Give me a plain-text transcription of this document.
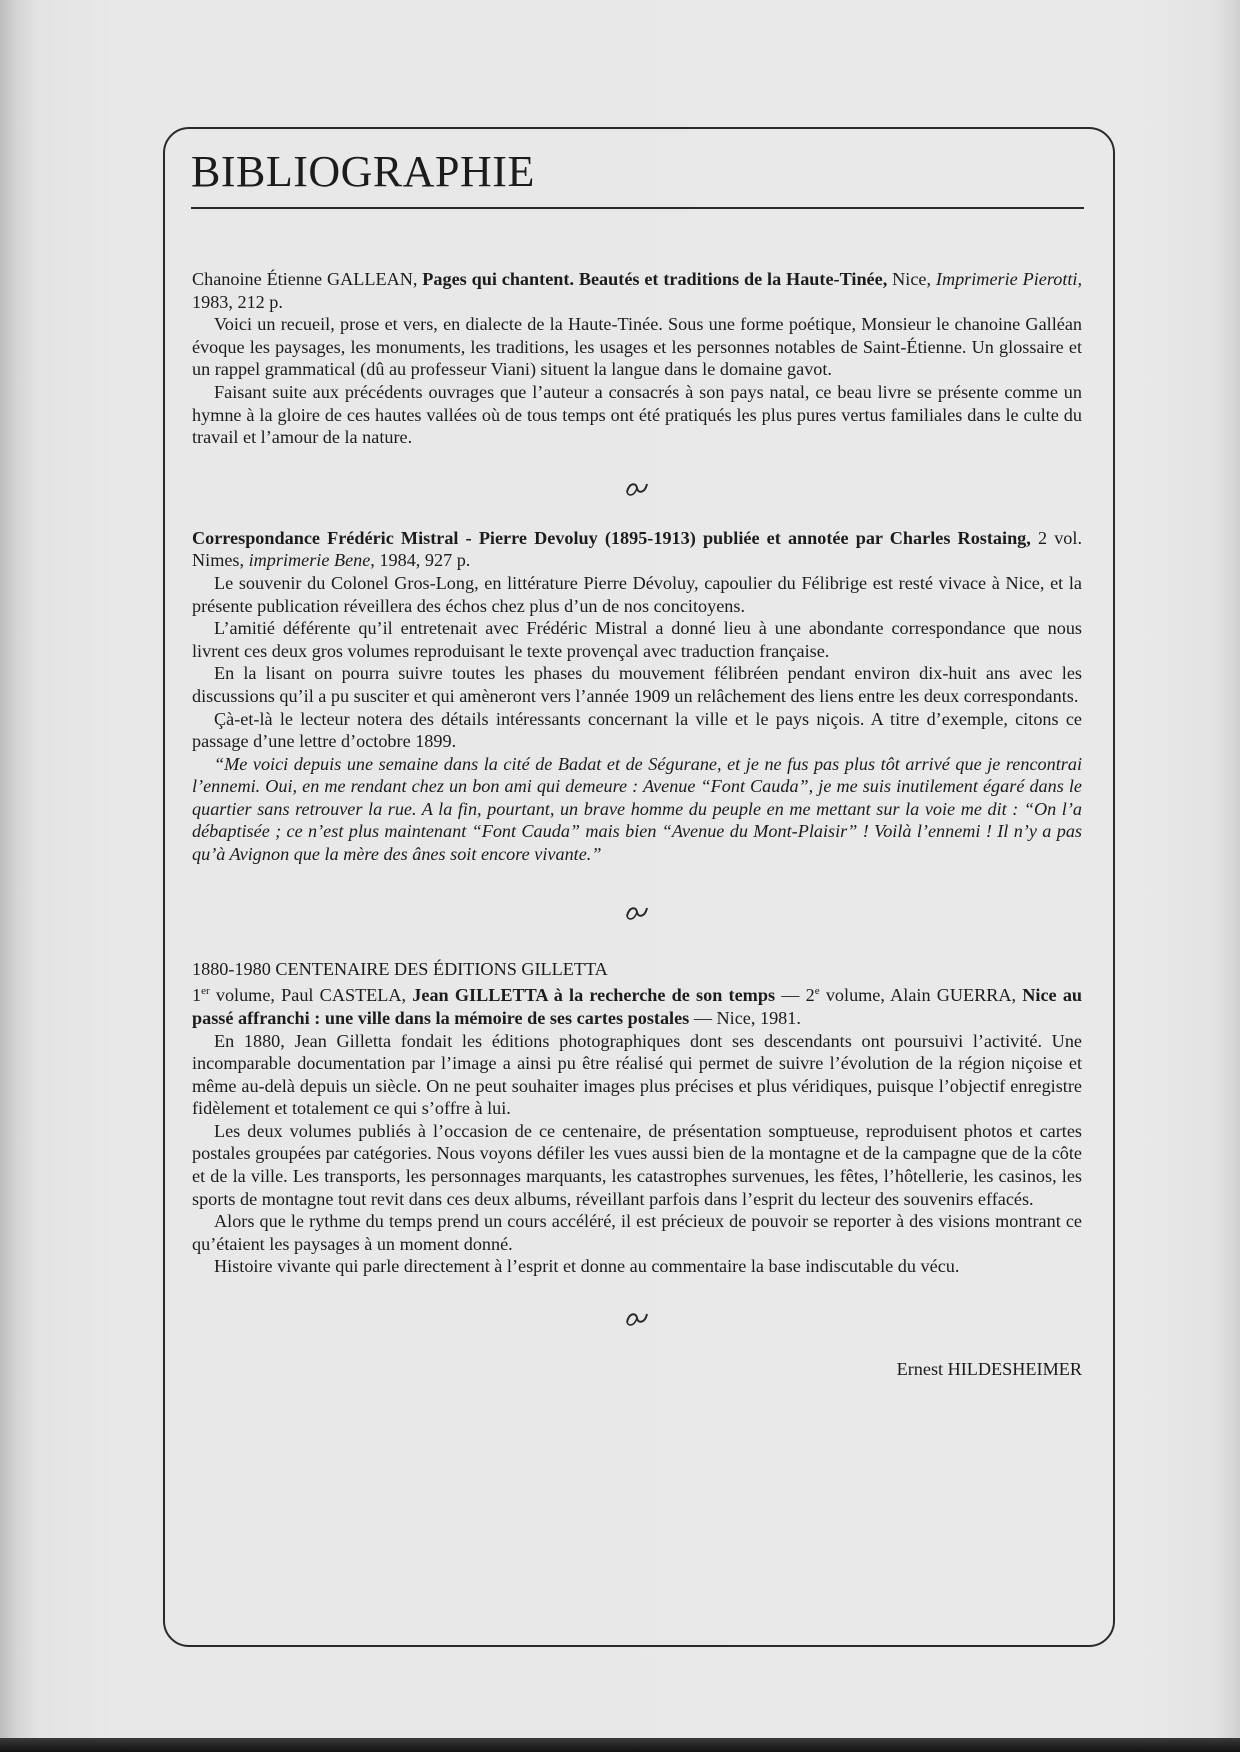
BIBLIOGRAPHIE

Chanoine Étienne GALLEAN, Pages qui chantent. Beautés et traditions de la Haute-Tinée, Nice, Imprimerie Pierotti, 1983, 212 p.

Voici un recueil, prose et vers, en dialecte de la Haute-Tinée. Sous une forme poétique, Monsieur le chanoine Galléan évoque les paysages, les monuments, les traditions, les usages et les personnes notables de Saint-Étienne. Un glossaire et un rappel grammatical (dû au professeur Viani) situent la langue dans le domaine gavot.

Faisant suite aux précédents ouvrages que l’auteur a consacrés à son pays natal, ce beau livre se présente comme un hymne à la gloire de ces hautes vallées où de tous temps ont été pratiqués les plus pures vertus familiales dans le culte du travail et l’amour de la nature.

Correspondance Frédéric Mistral - Pierre Devoluy (1895-1913) publiée et annotée par Charles Rostaing, 2 vol. Nimes, imprimerie Bene, 1984, 927 p.

Le souvenir du Colonel Gros-Long, en littérature Pierre Dévoluy, capoulier du Félibrige est resté vivace à Nice, et la présente publication réveillera des échos chez plus d’un de nos concitoyens.

L’amitié déférente qu’il entretenait avec Frédéric Mistral a donné lieu à une abondante correspondance que nous livrent ces deux gros volumes reproduisant le texte provençal avec traduction française.

En la lisant on pourra suivre toutes les phases du mouvement félibréen pendant environ dix-huit ans avec les discussions qu’il a pu susciter et qui amèneront vers l’année 1909 un relâchement des liens entre les deux correspondants.

Çà-et-là le lecteur notera des détails intéressants concernant la ville et le pays niçois. A titre d’exemple, citons ce passage d’une lettre d’octobre 1899.

“Me voici depuis une semaine dans la cité de Badat et de Ségurane, et je ne fus pas plus tôt arrivé que je rencontrai l’ennemi. Oui, en me rendant chez un bon ami qui demeure : Avenue “Font Cauda”, je me suis inutilement égaré dans le quartier sans retrouver la rue. A la fin, pourtant, un brave homme du peuple en me mettant sur la voie me dit : “On l’a débaptisée ; ce n’est plus maintenant “Font Cauda” mais bien “Avenue du Mont-Plaisir” ! Voilà l’ennemi ! Il n’y a pas qu’à Avignon que la mère des ânes soit encore vivante.”

1880-1980 CENTENAIRE DES ÉDITIONS GILLETTA

1er volume, Paul CASTELA, Jean GILLETTA à la recherche de son temps — 2e volume, Alain GUERRA, Nice au passé affranchi : une ville dans la mémoire de ses cartes postales — Nice, 1981.

En 1880, Jean Gilletta fondait les éditions photographiques dont ses descendants ont poursuivi l’activité. Une incomparable documentation par l’image a ainsi pu être réalisé qui permet de suivre l’évolution de la région niçoise et même au-delà depuis un siècle. On ne peut souhaiter images plus précises et plus véridiques, puisque l’objectif enregistre fidèlement et totalement ce qui s’offre à lui.

Les deux volumes publiés à l’occasion de ce centenaire, de présentation somptueuse, reproduisent photos et cartes postales groupées par catégories. Nous voyons défiler les vues aussi bien de la montagne et de la campagne que de la côte et de la ville. Les transports, les personnages marquants, les catastrophes survenues, les fêtes, l’hôtellerie, les casinos, les sports de montagne tout revit dans ces deux albums, réveillant parfois dans l’esprit du lecteur des souvenirs effacés.

Alors que le rythme du temps prend un cours accéléré, il est précieux de pouvoir se reporter à des visions montrant ce qu’étaient les paysages à un moment donné.

Histoire vivante qui parle directement à l’esprit et donne au commentaire la base indiscutable du vécu.

Ernest HILDESHEIMER
